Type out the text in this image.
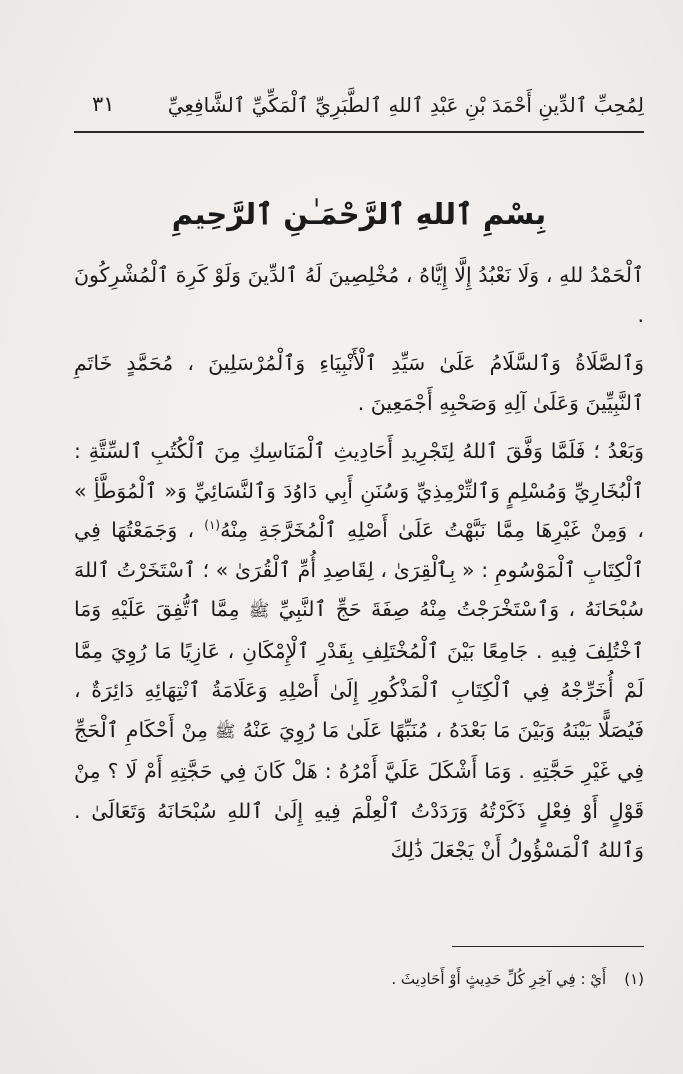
لِمُحِبِّ ٱلدِّينِ أَحْمَدَ بْنِ عَبْدِ ٱللهِ ٱلطَّبَرِيِّ ٱلْمَكِّيِّ ٱلشَّافِعِيِّ
٣١
بِسْمِ ٱللهِ ٱلرَّحْمَـٰنِ ٱلرَّحِيمِ

ٱلْحَمْدُ للهِ ، وَلَا نَعْبُدُ إِلَّا إِيَّاهُ ، مُخْلِصِينَ لَهُ ٱلدِّينَ وَلَوْ كَرِهَ ٱلْمُشْرِكُونَ .

وَٱلصَّلَاةُ وَٱلسَّلَامُ عَلَىٰ سَيِّدِ ٱلْأَنْبِيَاءِ وَٱلْمُرْسَلِينَ ، مُحَمَّدٍ خَاتَمِ ٱلنَّبِيِّينَ وَعَلَىٰ آلِهِ وَصَحْبِهِ أَجْمَعِينَ .

وَبَعْدُ ؛ فَلَمَّا وَفَّقَ ٱللهُ لِتَجْرِيدِ أَحَادِيثِ ٱلْمَنَاسِكِ مِنَ ٱلْكُتُبِ ٱلسِّتَّةِ : ٱلْبُخَارِيِّ وَمُسْلِمٍ وَٱلتِّرْمِذِيِّ وَسُنَنِ أَبِي دَاوُدَ وَٱلنَّسَائِيِّ وَ« ٱلْمُوَطَّأِ » ، وَمِنْ غَيْرِهَا مِمَّا نَبَّهْتُ عَلَىٰ أَصْلِهِ ٱلْمُخَرَّجَةِ مِنْهُ$^{(١)}$ ، وَجَمَعْتُهَا فِي ٱلْكِتَابِ ٱلْمَوْسُومِ : « بِٱلْقِرَىٰ ، لِقَاصِدِ أُمِّ ٱلْقُرَىٰ » ؛ ٱسْتَخَرْتُ ٱللهَ سُبْحَانَهُ ، وَٱسْتَخْرَجْتُ مِنْهُ صِفَةَ حَجِّ ٱلنَّبِيِّ ﷺ مِمَّا ٱتُّفِقَ عَلَيْهِ وَمَا ٱخْتُلِفَ فِيهِ . جَامِعًا بَيْنَ ٱلْمُخْتَلِفِ بِقَدْرِ ٱلْإِمْكَانِ ، عَازِيًا مَا رُوِيَ مِمَّا لَمْ أُخَرِّجْهُ فِي ٱلْكِتَابِ ٱلْمَذْكُورِ إِلَىٰ أَصْلِهِ وَعَلَامَةُ ٱنْتِهَائِهِ دَائِرَةٌ ، فَيُصَلًّا بَيْنَهُ وَبَيْنَ مَا بَعْدَهُ ، مُنَبِّهًا عَلَىٰ مَا رُوِيَ عَنْهُ ﷺ مِنْ أَحْكَامِ ٱلْحَجِّ فِي غَيْرِ حَجَّتِهِ . وَمَا أَشْكَلَ عَلَيَّ أَمْرُهُ : هَلْ كَانَ فِي حَجَّتِهِ أَمْ لَا ؟ مِنْ قَوْلٍ أَوْ فِعْلٍ ذَكَرْتُهُ وَرَدَدْتُ ٱلْعِلْمَ فِيهِ إِلَىٰ ٱللهِ سُبْحَانَهُ وَتَعَالَىٰ . وَٱللهُ ٱلْمَسْؤُولُ أَنْ يَجْعَلَ ذَٰلِكَ

(١)أَيْ : فِي آخِرِ كُلِّ حَدِيثٍ أَوْ أَحَادِيثَ .
